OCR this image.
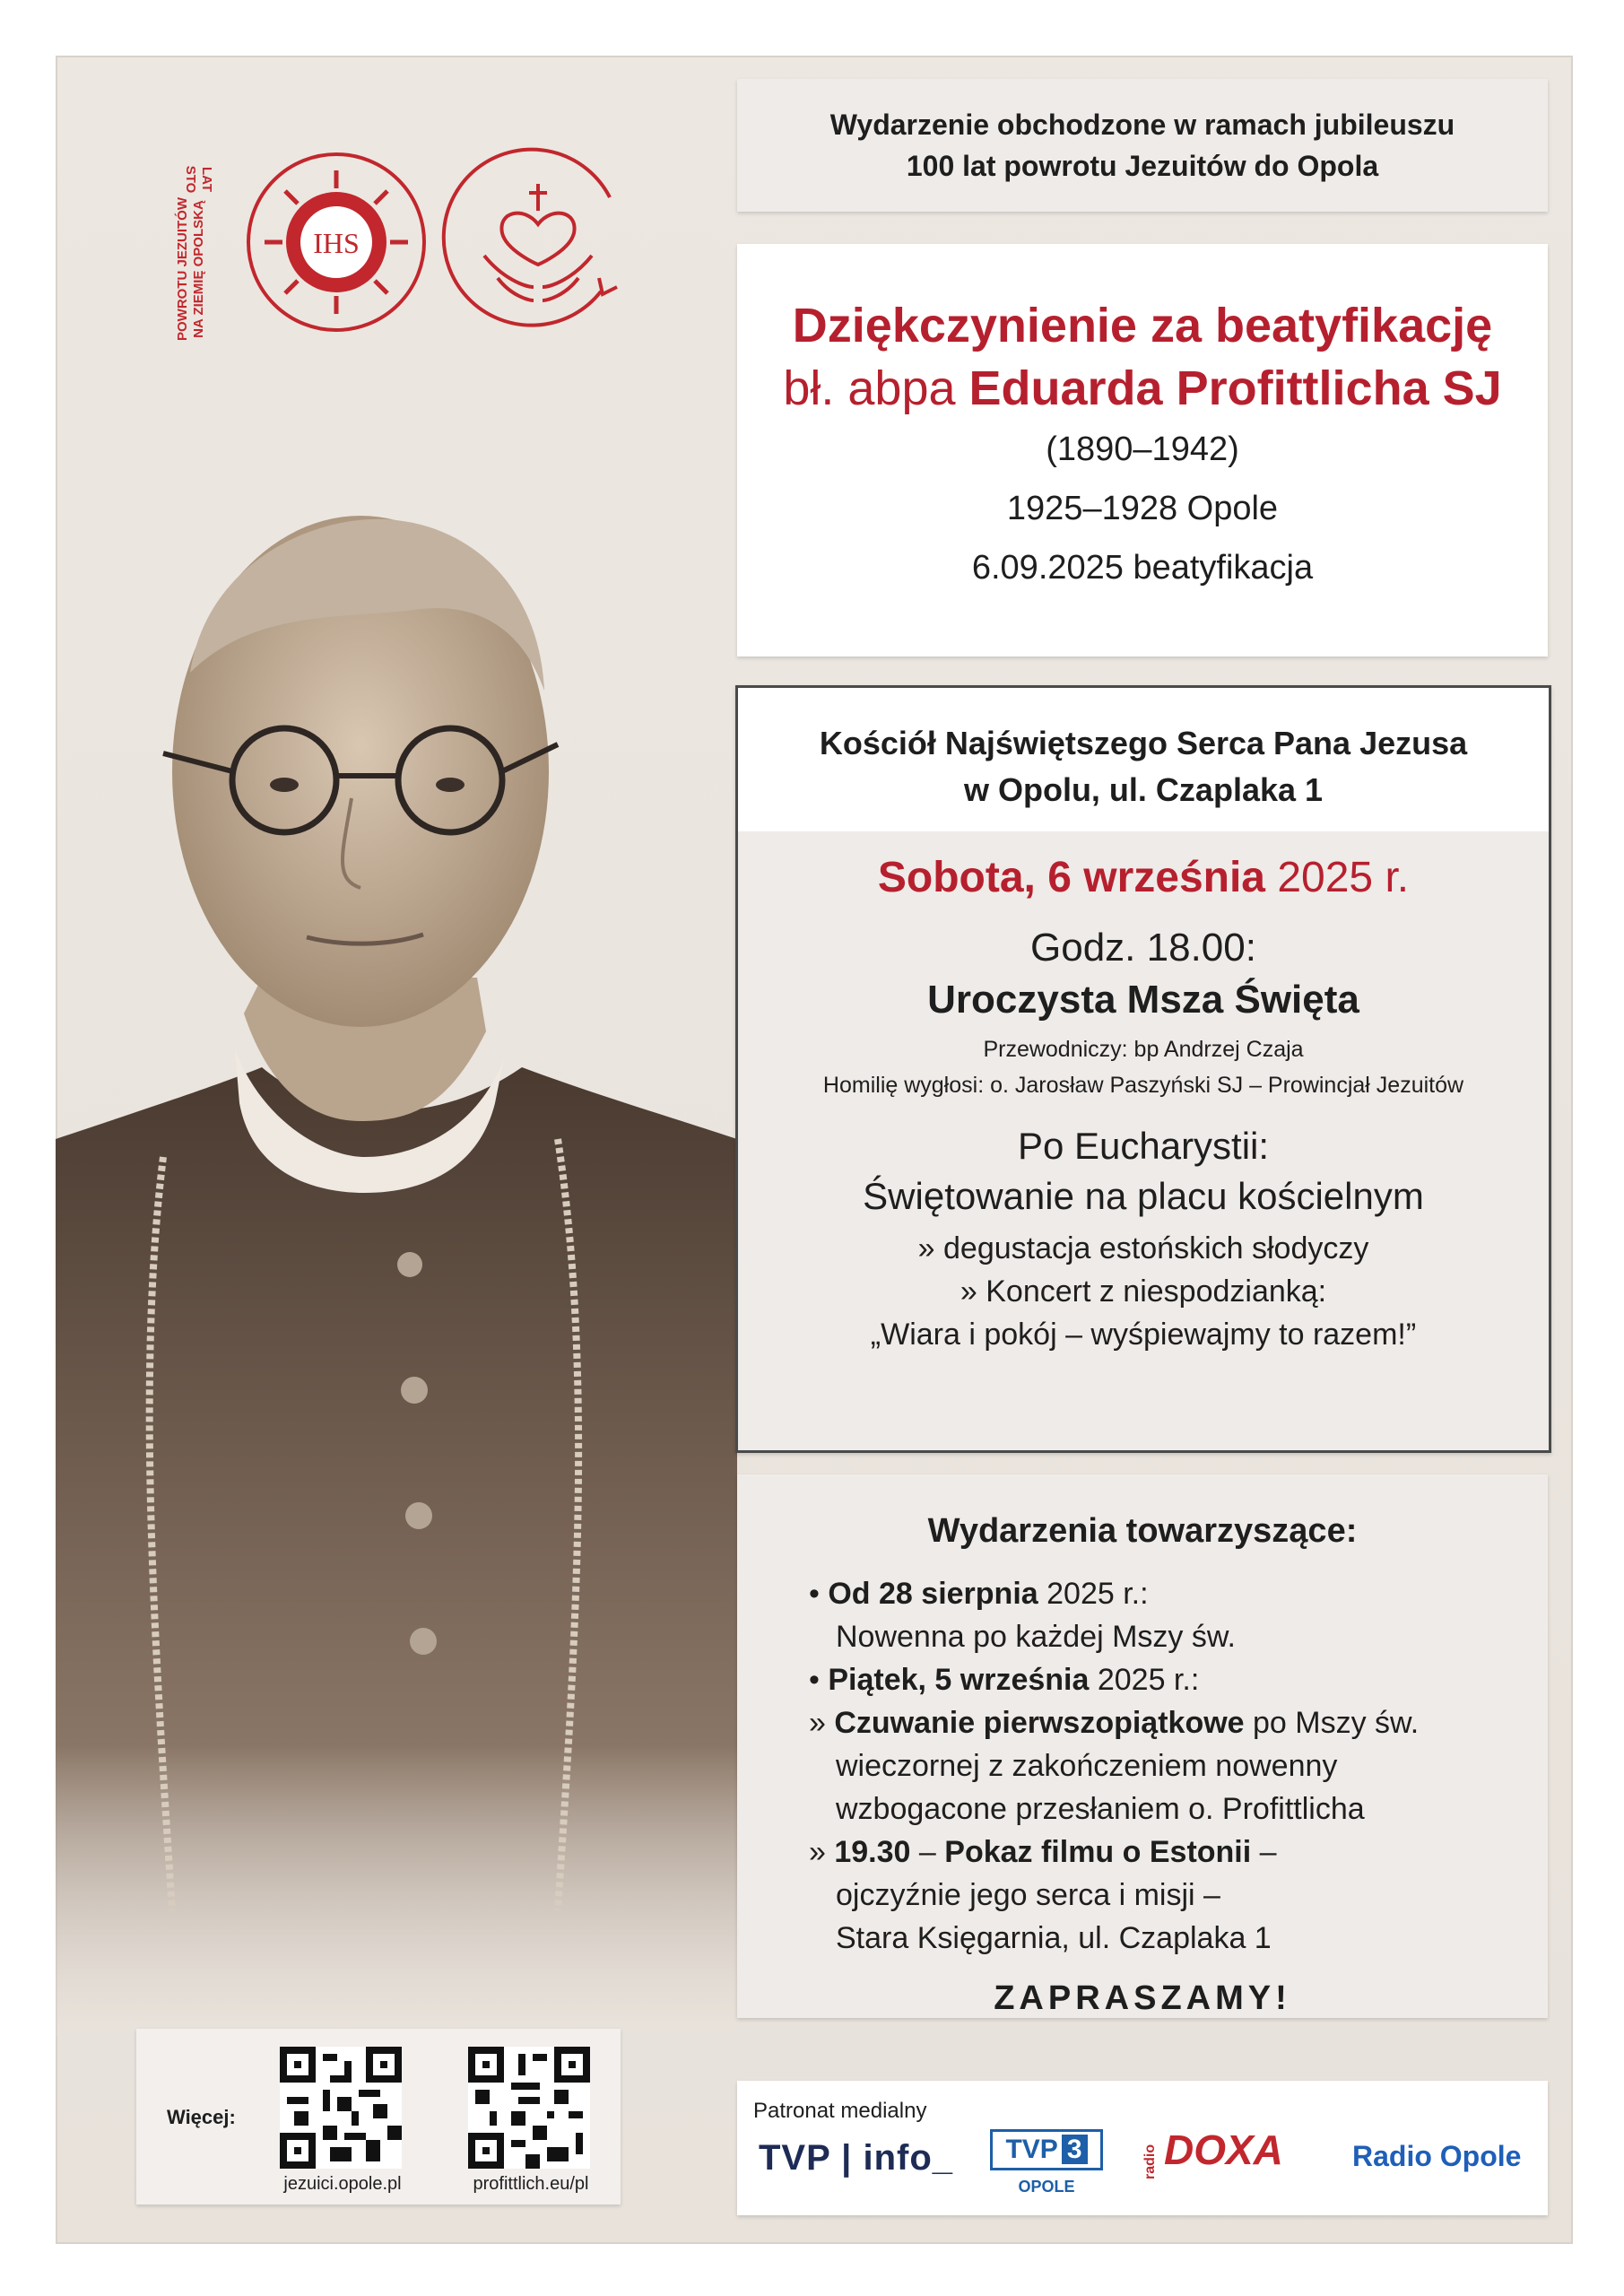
STO LAT
POWROTU JEZUITÓW NA ZIEMIĘ OPOLSKĄ	IHS
Wydarzenie obchodzone w ramach jubileuszu
100 lat powrotu Jezuitów do Opola
Dziękczynienie za beatyfikację
bł. abpa Eduarda Profittlicha SJ
(1890–1942)
1925–1928 Opole
6.09.2025 beatyfikacja
Kościół Najświętszego Serca Pana Jezusa
w Opolu, ul. Czaplaka 1
Sobota, 6 września 2025 r.
Godz. 18.00:
Uroczysta Msza Święta
Przewodniczy: bp Andrzej Czaja
Homilię wygłosi: o. Jarosław Paszyński SJ – Prowincjał Jezuitów
Po Eucharystii:
Świętowanie na placu kościelnym
» degustacja estońskich słodyczy
» Koncert z niespodzianką:
„Wiara i pokój – wyśpiewajmy to razem!”
Wydarzenia towarzyszące:
• Od 28 sierpnia 2025 r.:
Nowenna po każdej Mszy św.
• Piątek, 5 września 2025 r.:
» Czuwanie pierwszopiątkowe po Mszy św.
wieczornej z zakończeniem nowenny
wzbogacone przesłaniem o. Profittlicha
» 19.30 – Pokaz filmu o Estonii –
ojczyźnie jego serca i misji –
Stara Księgarnia, ul. Czaplaka 1
ZAPRASZAMY!
Więcej:
jezuici.opole.pl	profittlich.eu/pl
Patronat medialny
TVP | info_	TVP 3
OPOLE
radio DOXA Radio Opole
